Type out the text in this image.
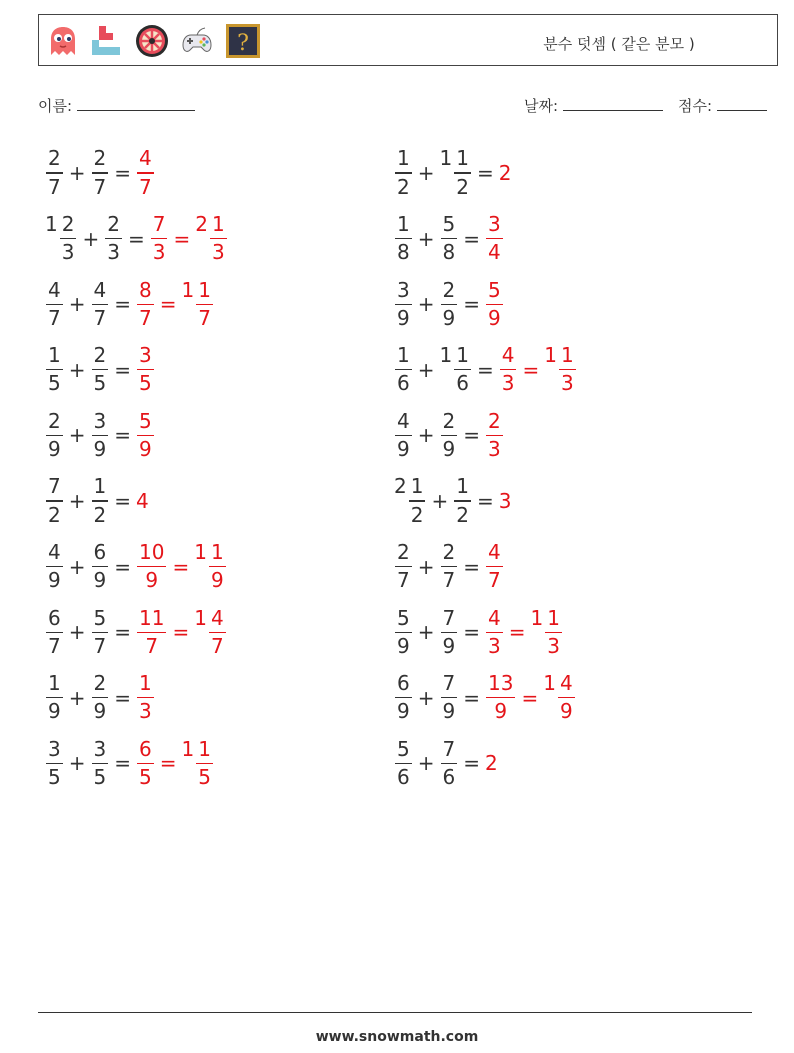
?	분수 덧셈 ( 같은 분모 )
이름:	날짜:	점수:
$\frac{2}{7} + \frac{2}{7} = \frac{4}{7}$
$1 \frac{2}{3} + \frac{2}{3} = \frac{7}{3}$ =
$2 \frac{1}{3}$
$\frac{4}{7} + \frac{4}{7} = \frac{8}{7}$ =
$1 \frac{1}{7}$
$\frac{1}{5} + \frac{2}{5} = \frac{3}{5}$
$\frac{2}{9} + \frac{3}{9} = \frac{5}{9}$
$\frac{7}{2} + \frac{1}{2} = 4$
$\frac{4}{9} + \frac{6}{9} = \frac{10}{9}$ =
$1 \frac{1}{9}$
$\frac{6}{7} + \frac{5}{7} = \frac{11}{7}$ =
$1 \frac{4}{7}$
$\frac{1}{9} + \frac{2}{9} = \frac{1}{3}$
$\frac{3}{5} + \frac{3}{5} = \frac{6}{5}$ =
$1 \frac{1}{5}$
$\frac{1}{2}$ +
$1 \frac{1}{2} = 2$
$\frac{1}{8} + \frac{5}{8} = \frac{3}{4}$
$\frac{3}{9} + \frac{2}{9} = \frac{5}{9}$
$\frac{1}{6}$ +
$1 \frac{1}{6} = \frac{4}{3}$ =
$1 \frac{1}{3}$
$\frac{4}{9} + \frac{2}{9} = \frac{2}{3}$
$2 \frac{1}{2} + \frac{1}{2} = 3$
$\frac{2}{7} + \frac{2}{7} = \frac{4}{7}$
$\frac{5}{9} + \frac{7}{9} = \frac{4}{3}$ =
$1 \frac{1}{3}$
$\frac{6}{9} + \frac{7}{9} = \frac{13}{9}$ =
$1 \frac{4}{9}$
$\frac{5}{6} + \frac{7}{6} = 2$
www.snowmath.com
